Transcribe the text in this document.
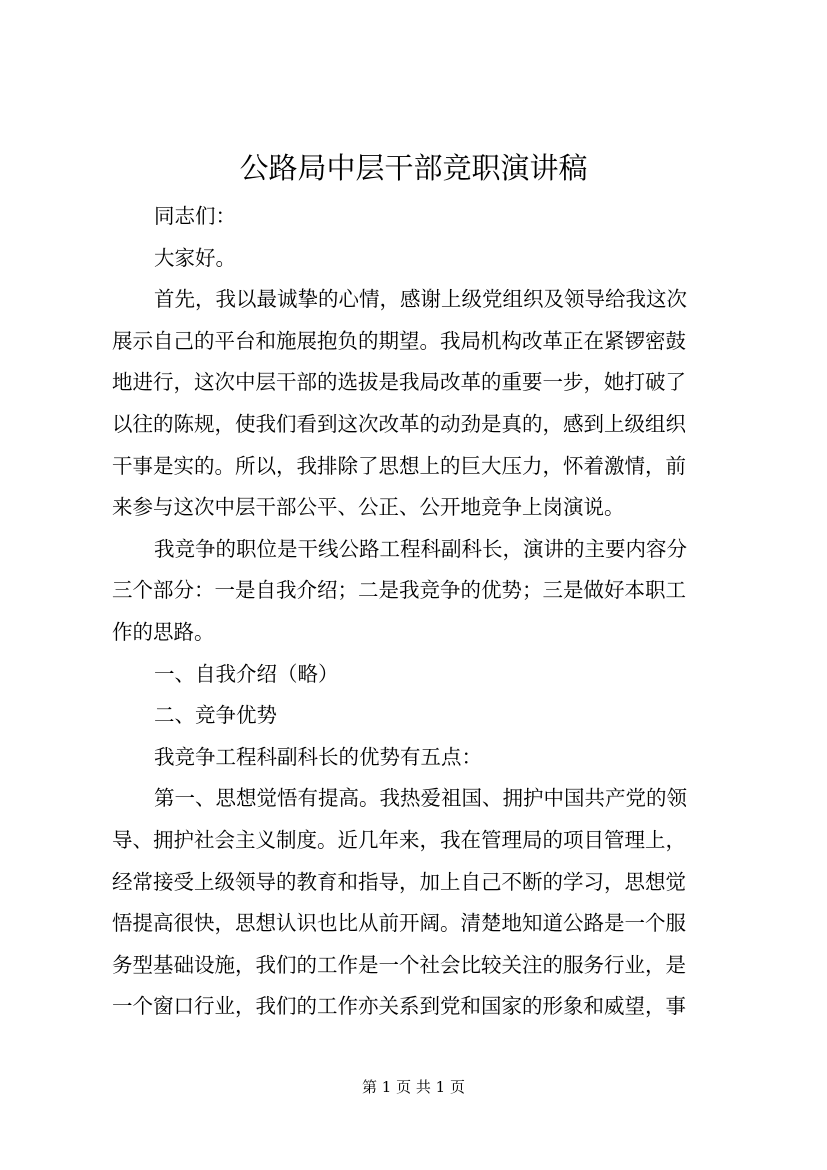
公路局中层干部竞职演讲稿
同志们：
大家好。
首先，我以最诚挚的心情，感谢上级党组织及领导给我这次
展示自己的平台和施展抱负的期望。我局机构改革正在紧锣密鼓
地进行，这次中层干部的选拔是我局改革的重要一步，她打破了
以往的陈规，使我们看到这次改革的动劲是真的，感到上级组织
干事是实的。所以，我排除了思想上的巨大压力，怀着激情，前
来参与这次中层干部公平、公正、公开地竞争上岗演说。
我竞争的职位是干线公路工程科副科长，演讲的主要内容分
三个部分：一是自我介绍；二是我竞争的优势；三是做好本职工
作的思路。
一、自我介绍（略）
二、竞争优势
我竞争工程科副科长的优势有五点：
第一、思想觉悟有提高。我热爱祖国、拥护中国共产党的领
导、拥护社会主义制度。近几年来，我在管理局的项目管理上，
经常接受上级领导的教育和指导，加上自己不断的学习，思想觉
悟提高很快，思想认识也比从前开阔。清楚地知道公路是一个服
务型基础设施，我们的工作是一个社会比较关注的服务行业，是
一个窗口行业，我们的工作亦关系到党和国家的形象和威望，事
第 1 页 共 1 页
